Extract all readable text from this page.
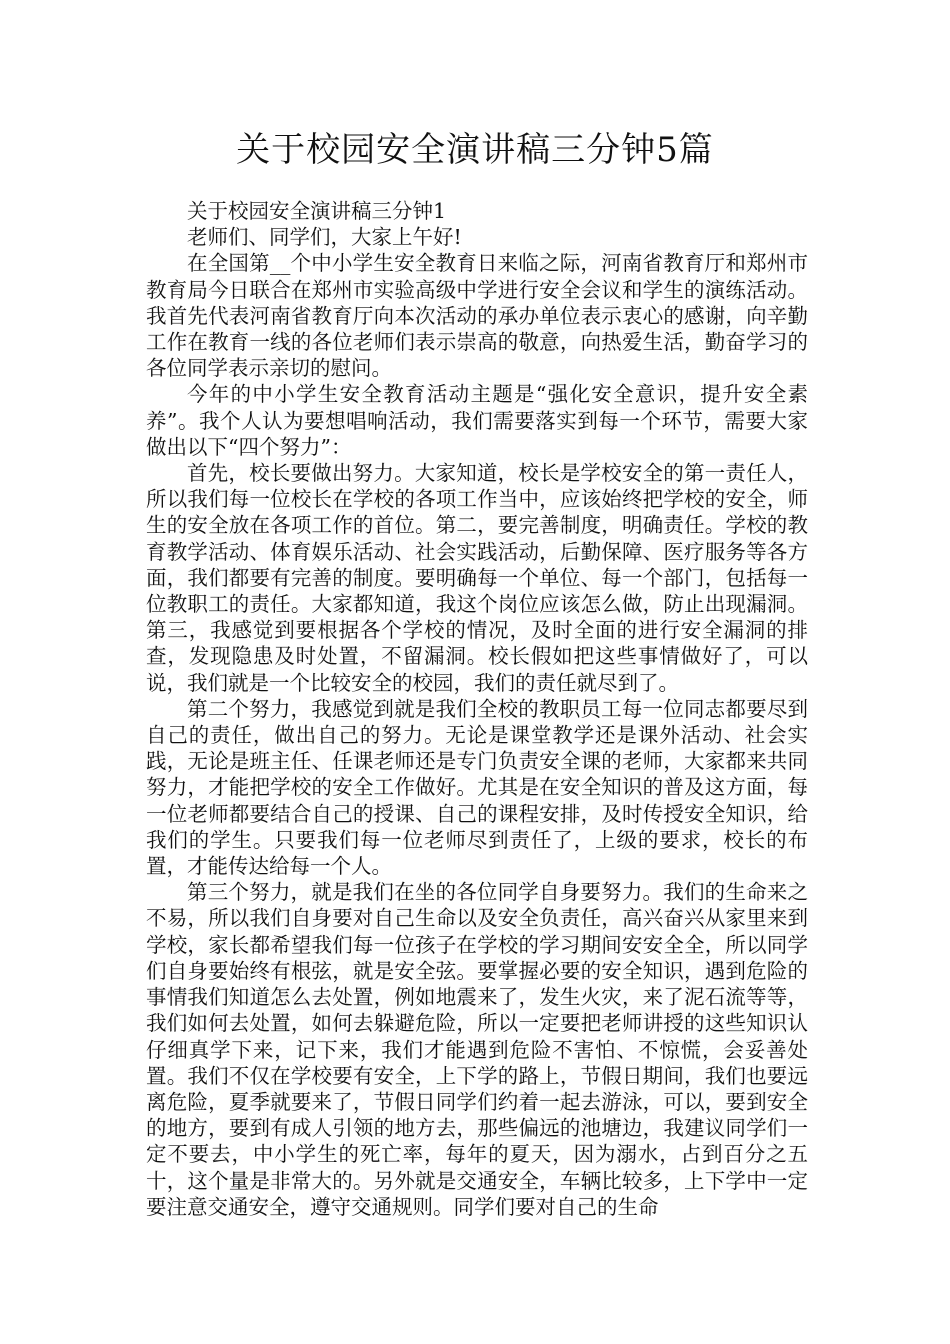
关于校园安全演讲稿三分钟5篇

关于校园安全演讲稿三分钟1

老师们、同学们，大家上午好!

在全国第__个中小学生安全教育日来临之际，河南省教育厅和郑州市教育局今日联合在郑州市实验高级中学进行安全会议和学生的演练活动。我首先代表河南省教育厅向本次活动的承办单位表示衷心的感谢，向辛勤工作在教育一线的各位老师们表示崇高的敬意，向热爱生活，勤奋学习的各位同学表示亲切的慰问。

今年的中小学生安全教育活动主题是“强化安全意识，提升安全素养”。我个人认为要想唱响活动，我们需要落实到每一个环节，需要大家做出以下“四个努力”：

首先，校长要做出努力。大家知道，校长是学校安全的第一责任人，所以我们每一位校长在学校的各项工作当中，应该始终把学校的安全，师生的安全放在各项工作的首位。第二，要完善制度，明确责任。学校的教育教学活动、体育娱乐活动、社会实践活动，后勤保障、医疗服务等各方面，我们都要有完善的制度。要明确每一个单位、每一个部门，包括每一位教职工的责任。大家都知道，我这个岗位应该怎么做，防止出现漏洞。第三，我感觉到要根据各个学校的情况，及时全面的进行安全漏洞的排查，发现隐患及时处置，不留漏洞。校长假如把这些事情做好了，可以说，我们就是一个比较安全的校园，我们的责任就尽到了。

第二个努力，我感觉到就是我们全校的教职员工每一位同志都要尽到自己的责任，做出自己的努力。无论是课堂教学还是课外活动、社会实践，无论是班主任、任课老师还是专门负责安全课的老师，大家都来共同努力，才能把学校的安全工作做好。尤其是在安全知识的普及这方面，每一位老师都要结合自己的授课、自己的课程安排，及时传授安全知识，给我们的学生。只要我们每一位老师尽到责任了，上级的要求，校长的布置，才能传达给每一个人。

第三个努力，就是我们在坐的各位同学自身要努力。我们的生命来之不易，所以我们自身要对自己生命以及安全负责任，高兴奋兴从家里来到学校，家长都希望我们每一位孩子在学校的学习期间安安全全，所以同学们自身要始终有根弦，就是安全弦。要掌握必要的安全知识，遇到危险的事情我们知道怎么去处置，例如地震来了，发生火灾，来了泥石流等等，我们如何去处置，如何去躲避危险，所以一定要把老师讲授的这些知识认仔细真学下来，记下来，我们才能遇到危险不害怕、不惊慌，会妥善处置。我们不仅在学校要有安全，上下学的路上，节假日期间，我们也要远离危险，夏季就要来了，节假日同学们约着一起去游泳，可以，要到安全的地方，要到有成人引领的地方去，那些偏远的池塘边，我建议同学们一定不要去，中小学生的死亡率，每年的夏天，因为溺水，占到百分之五十，这个量是非常大的。另外就是交通安全，车辆比较多，上下学中一定要注意交通安全，遵守交通规则。同学们要对自己的生命
